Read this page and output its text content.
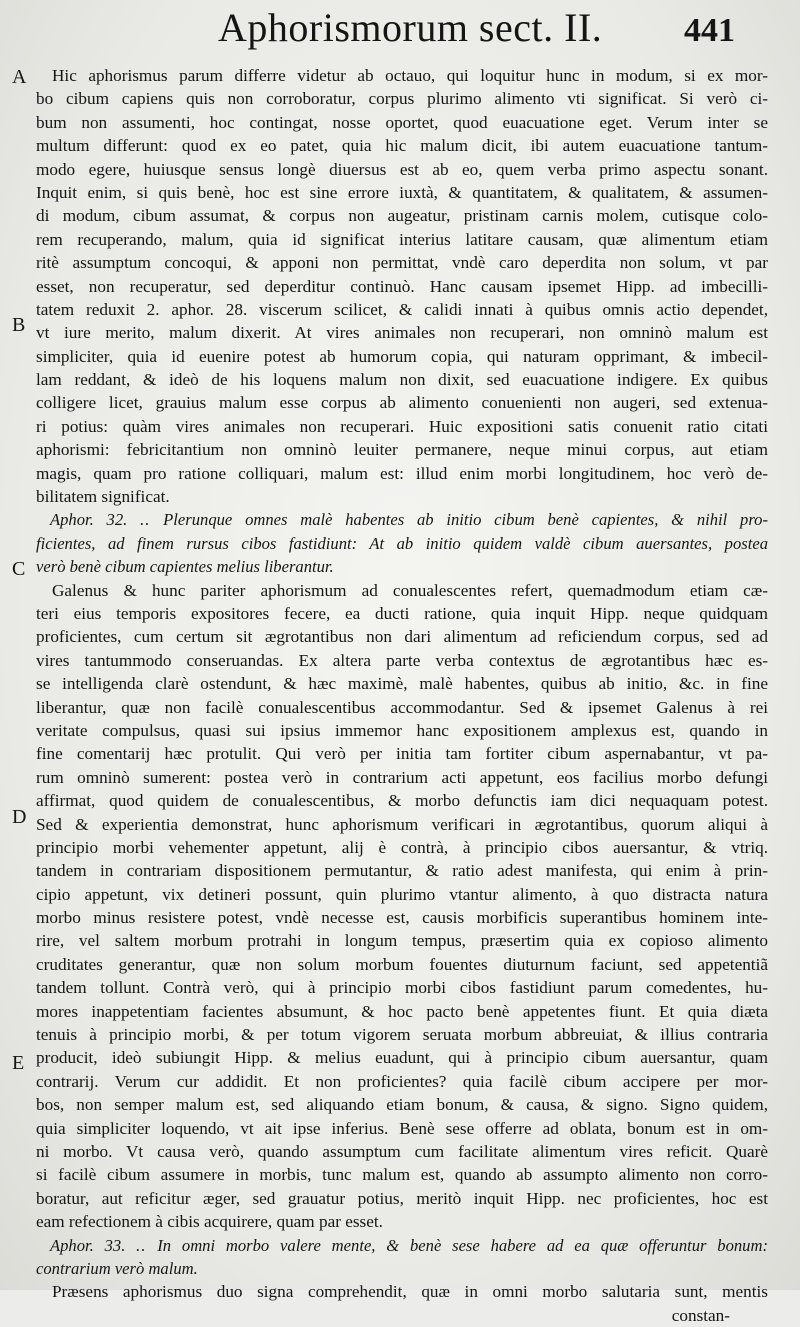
Aphorismorum sect. II. 441
A
B
C
D
E
Hic aphorismus parum differre videtur ab octauo, qui loquitur hunc in modum, si ex mor-
bo cibum capiens quis non corroboratur, corpus plurimo alimento vti significat. Si verò ci-
bum non assumenti, hoc contingat, nosse oportet, quod euacuatione eget. Verum inter se
multum differunt: quod ex eo patet, quia hic malum dicit, ibi autem euacuatione tantum-
modo egere, huiusque sensus longè diuersus est ab eo, quem verba primo aspectu sonant.
Inquit enim, si quis benè, hoc est sine errore iuxtà, & quantitatem, & qualitatem, & assumen-
di modum, cibum assumat, & corpus non augeatur, pristinam carnis molem, cutisque colo-
rem recuperando, malum, quia id significat interius latitare causam, quæ alimentum etiam
ritè assumptum concoqui, & apponi non permittat, vndè caro deperdita non solum, vt par
esset, non recuperatur, sed deperditur continuò. Hanc causam ipsemet Hipp. ad imbecilli-
tatem reduxit 2. aphor. 28. viscerum scilicet, & calidi innati à quibus omnis actio dependet,
vt iure merito, malum dixerit. At vires animales non recuperari, non omninò malum est
simpliciter, quia id euenire potest ab humorum copia, qui naturam opprimant, & imbecil-
lam reddant, & ideò de his loquens malum non dixit, sed euacuatione indigere. Ex quibus
colligere licet, grauius malum esse corpus ab alimento conuenienti non augeri, sed extenua-
ri potius: quàm vires animales non recuperari. Huic expositioni satis conuenit ratio citati
aphorismi: febricitantium non omninò leuiter permanere, neque minui corpus, aut etiam
magis, quam pro ratione colliquari, malum est: illud enim morbi longitudinem, hoc verò de-
bilitatem significat.
Aphor. 32. .. Plerunque omnes malè habentes ab initio cibum benè capientes, & nihil pro-
ficientes, ad finem rursus cibos fastidiunt: At ab initio quidem valdè cibum auersantes, postea
verò benè cibum capientes melius liberantur.
Galenus & hunc pariter aphorismum ad conualescentes refert, quemadmodum etiam cæ-
teri eius temporis expositores fecere, ea ducti ratione, quia inquit Hipp. neque quidquam
proficientes, cum certum sit ægrotantibus non dari alimentum ad reficiendum corpus, sed ad
vires tantummodo conseruandas. Ex altera parte verba contextus de ægrotantibus hæc es-
se intelligenda clarè ostendunt, & hæc maximè, malè habentes, quibus ab initio, &c. in fine
liberantur, quæ non facilè conualescentibus accommodantur. Sed & ipsemet Galenus à rei
veritate compulsus, quasi sui ipsius immemor hanc expositionem amplexus est, quando in
fine comentarij hæc protulit. Qui verò per initia tam fortiter cibum aspernabantur, vt pa-
rum omninò sumerent: postea verò in contrarium acti appetunt, eos facilius morbo defungi
affirmat, quod quidem de conualescentibus, & morbo defunctis iam dici nequaquam potest.
Sed & experientia demonstrat, hunc aphorismum verificari in ægrotantibus, quorum aliqui à
principio morbi vehementer appetunt, alij è contrà, à principio cibos auersantur, & vtriq.
tandem in contrariam dispositionem permutantur, & ratio adest manifesta, qui enim à prin-
cipio appetunt, vix detineri possunt, quin plurimo vtantur alimento, à quo distracta natura
morbo minus resistere potest, vndè necesse est, causis morbificis superantibus hominem inte-
rire, vel saltem morbum protrahi in longum tempus, præsertim quia ex copioso alimento
cruditates generantur, quæ non solum morbum fouentes diuturnum faciunt, sed appetentiã
tandem tollunt. Contrà verò, qui à principio morbi cibos fastidiunt parum comedentes, hu-
mores inappetentiam facientes absumunt, & hoc pacto benè appetentes fiunt. Et quia diæta
tenuis à principio morbi, & per totum vigorem seruata morbum abbreuiat, & illius contraria
producit, ideò subiungit Hipp. & melius euadunt, qui à principio cibum auersantur, quam
contrarij. Verum cur addidit. Et non proficientes? quia facilè cibum accipere per mor-
bos, non semper malum est, sed aliquando etiam bonum, & causa, & signo. Signo quidem,
quia simpliciter loquendo, vt ait ipse inferius. Benè sese offerre ad oblata, bonum est in om-
ni morbo. Vt causa verò, quando assumptum cum facilitate alimentum vires reficit. Quarè
si facilè cibum assumere in morbis, tunc malum est, quando ab assumpto alimento non corro-
boratur, aut reficitur æger, sed grauatur potius, meritò inquit Hipp. nec proficientes, hoc est
eam refectionem à cibis acquirere, quam par esset.
Aphor. 33. .. In omni morbo valere mente, & benè sese habere ad ea quæ offeruntur bonum:
contrarium verò malum.
Præsens aphorismus duo signa comprehendit, quæ in omni morbo salutaria sunt, mentis
constan-
